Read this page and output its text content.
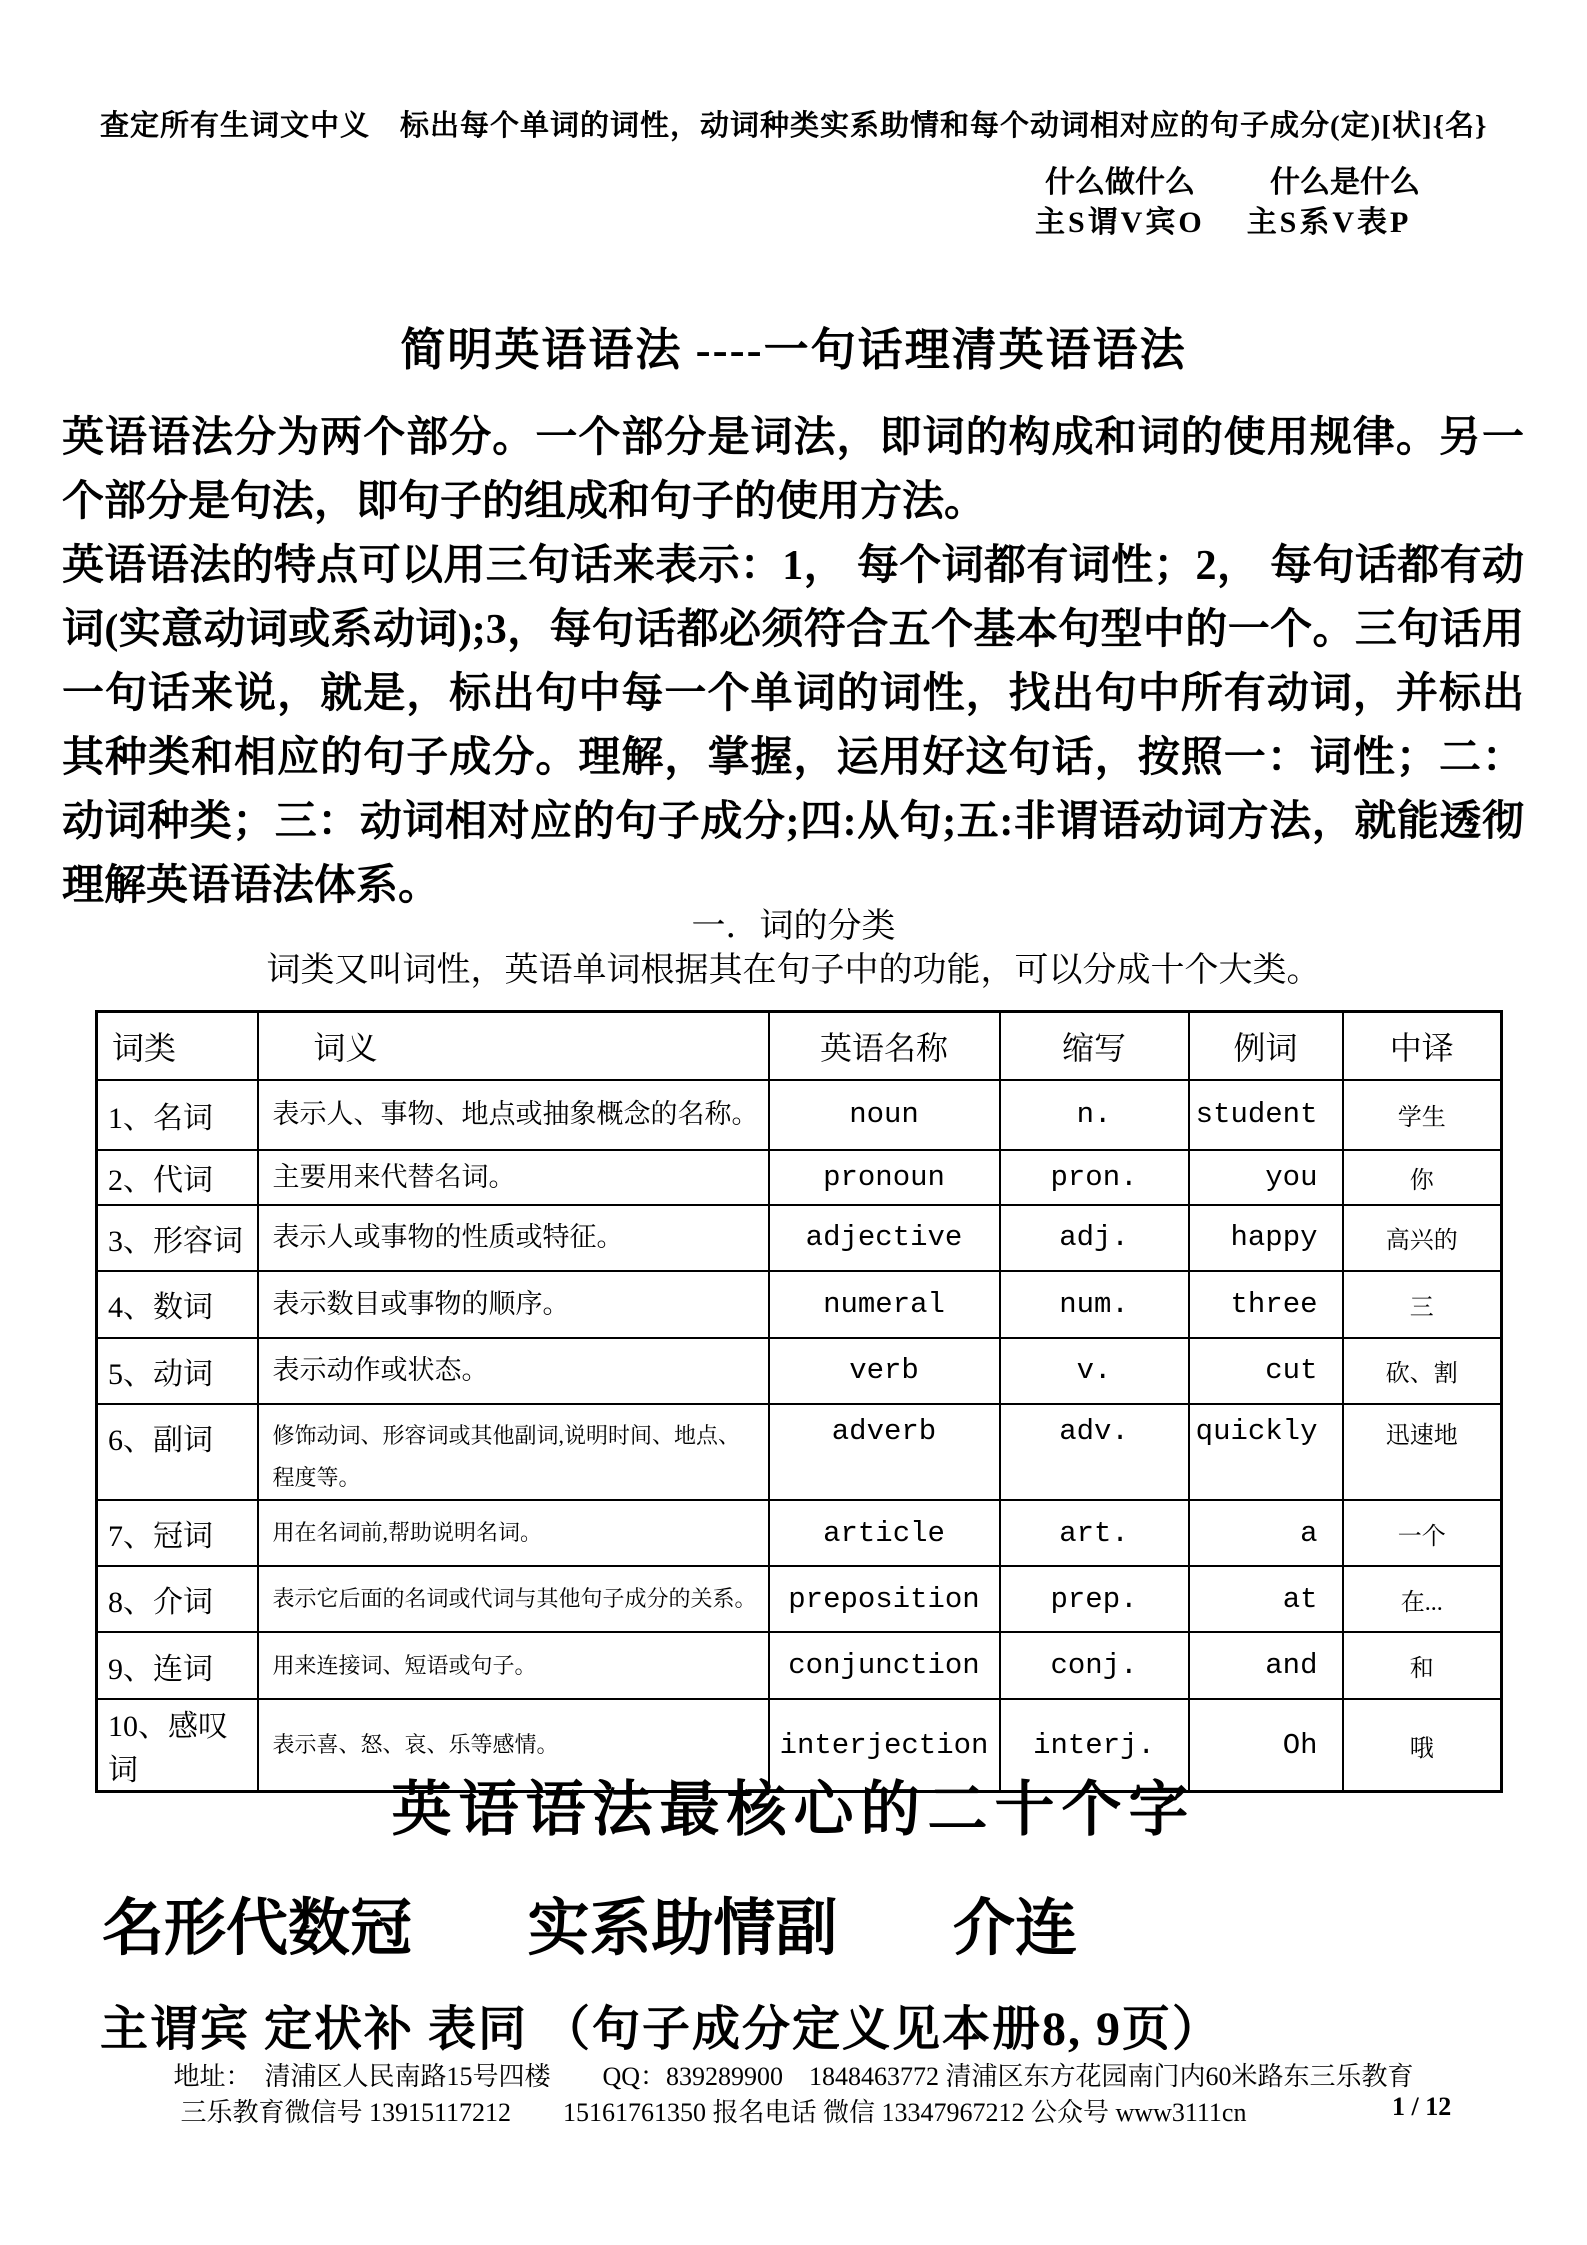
查定所有生词文中义　标出每个单词的词性，动词种类实系助情和每个动词相对应的句子成分(定)[状]{名}
什么做什么	什么是什么
主S谓V宾O 主S系V表P
简明英语语法 ----一句话理清英语语法

英语语法分为两个部分。一个部分是词法，即词的构成和词的使用规律。另一个部分是句法，即句子的组成和句子的使用方法。

英语语法的特点可以用三句话来表示：1， 每个词都有词性；2， 每句话都有动词(实意动词或系动词);3，每句话都必须符合五个基本句型中的一个。三句话用一句话来说，就是，标出句中每一个单词的词性，找出句中所有动词，并标出其种类和相应的句子成分。理解，掌握，运用好这句话，按照一：词性；二：动词种类；三：动词相对应的句子成分;四:从句;五:非谓语动词方法，就能透彻理解英语语法体系。

一．词的分类
词类又叫词性，英语单词根据其在句子中的功能，可以分成十个大类。
词类	词义	英语名称	缩写	例词	中译
1、名词	表示人、事物、地点或抽象概念的名称。	noun	n.	student	学生
2、代词	主要用来代替名词。	pronoun	pron.	you	你
3、形容词	表示人或事物的性质或特征。	adjective	adj.	happy	高兴的
4、数词	表示数目或事物的顺序。	numeral	num.	three	三
5、动词	表示动作或状态。	verb	v.	cut	砍、割
6、副词	修饰动词、形容词或其他副词,说明时间、地点、程度等。	adverb	adv.	quickly	迅速地
7、冠词	用在名词前,帮助说明名词。	article	art.	a	一个
8、介词	表示它后面的名词或代词与其他句子成分的关系。	preposition	prep.	at	在...
9、连词	用来连接词、短语或句子。	conjunction	conj.	and	和
10、感叹词	表示喜、怒、哀、乐等感情。	interjection	interj.	Oh	哦
英语语法最核心的二十个字
名形代数冠 实系助情副 介连
主谓宾 定状补 表同 （句子成分定义见本册8, 9页）
地址：　清浦区人民南路15号四楼　　QQ：839289900　1848463772 清浦区东方花园南门内60米路东三乐教育
三乐教育微信号 13915117212　　15161761350 报名电话 微信 13347967212 公众号 www3111cn	1 / 12
